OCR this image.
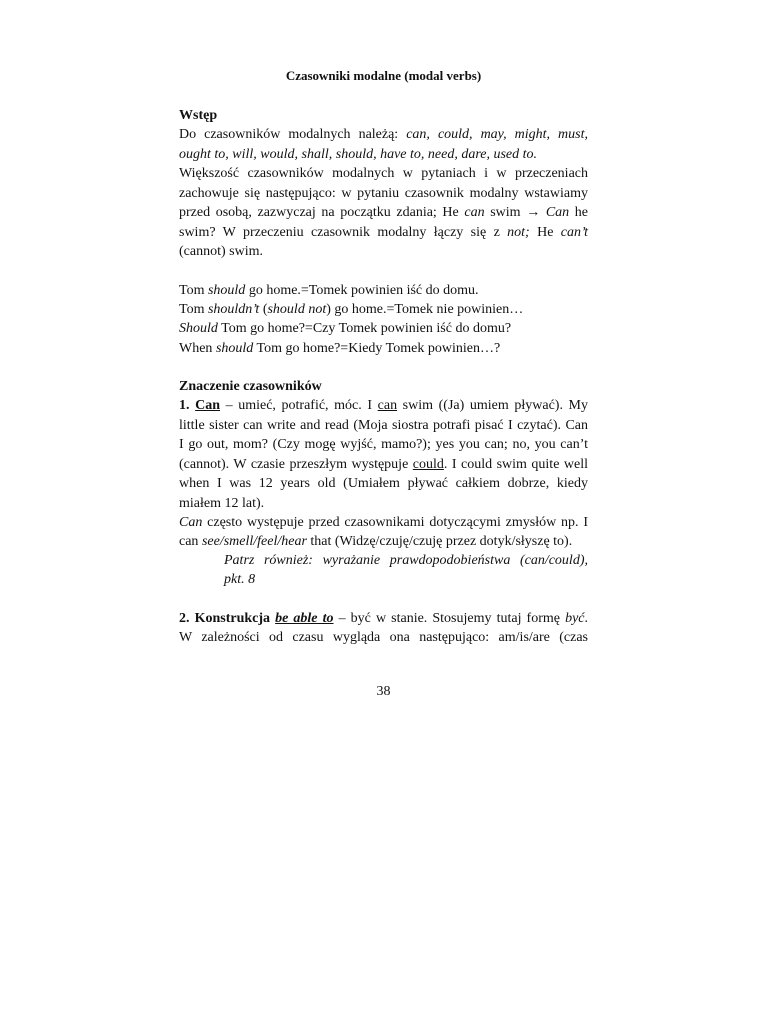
Czasowniki modalne (modal verbs)
Wstęp
Do czasowników modalnych należą: can, could, may, might, must,
ought to, will, would, shall, should, have to, need, dare, used to.
Większość czasowników modalnych w pytaniach i w przeczeniach
zachowuje się następująco: w pytaniu czasownik modalny wstawiamy
przed osobą, zazwyczaj na początku zdania; He can swim → Can he
swim? W przeczeniu czasownik modalny łączy się z not; He can’t
(cannot) swim.
Tom should go home.=Tomek powinien iść do domu.
Tom shouldn’t (should not) go home.=Tomek nie powinien…
Should Tom go home?=Czy Tomek powinien iść do domu?
When should Tom go home?=Kiedy Tomek powinien…?
Znaczenie czasowników
1. Can – umieć, potrafić, móc. I can swim ((Ja) umiem pływać). My
little sister can write and read (Moja siostra potrafi pisać I czytać). Can
I go out, mom? (Czy mogę wyjść, mamo?); yes you can; no, you can’t
(cannot). W czasie przeszłym występuje could. I could swim quite well
when I was 12 years old (Umiałem pływać całkiem dobrze, kiedy
miałem 12 lat).
Can często występuje przed czasownikami dotyczącymi zmysłów np. I
can see/smell/feel/hear that (Widzę/czuję/czuję przez dotyk/słyszę to).
Patrz również: wyrażanie prawdopodobieństwa (can/could),
pkt. 8
2. Konstrukcja be able to – być w stanie. Stosujemy tutaj formę być.
W zależności od czasu wygląda ona następująco: am/is/are (czas
38
